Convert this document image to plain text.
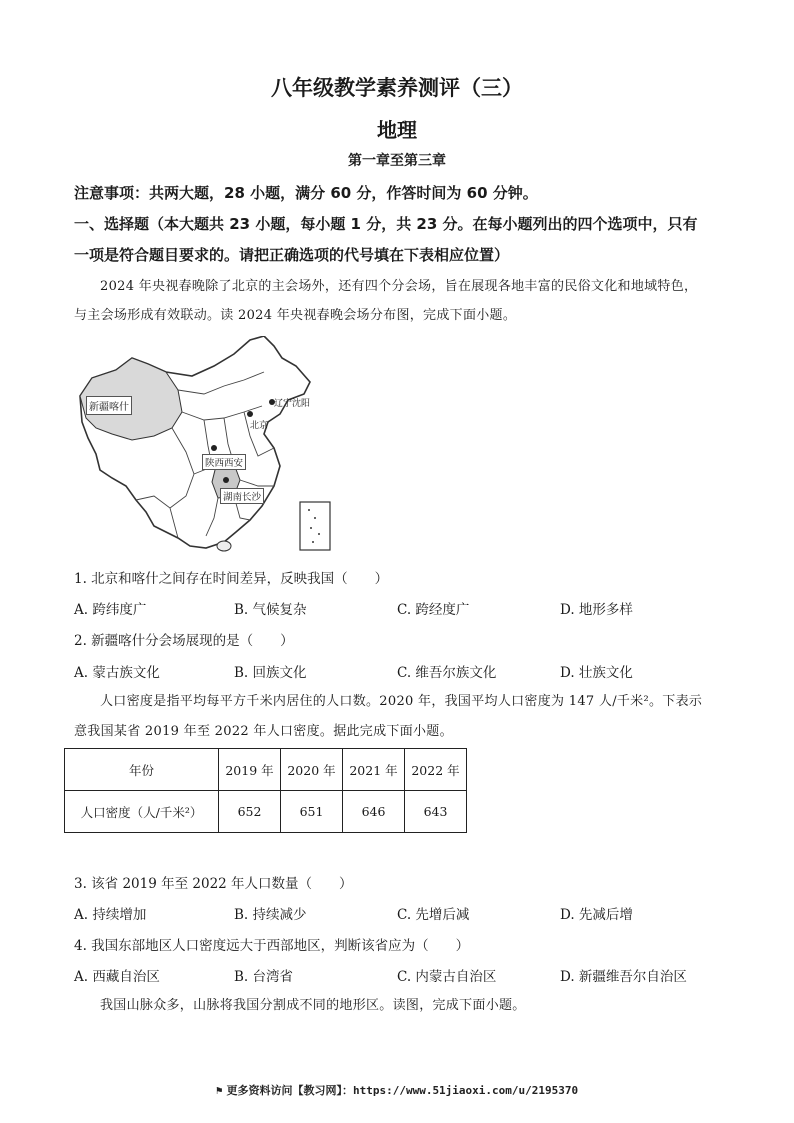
八年级教学素养测评（三）
地理
第一章至第三章
注意事项：共两大题，28 小题，满分 60 分，作答时间为 60 分钟。
一、选择题（本大题共 23 小题，每小题 1 分，共 23 分。在每小题列出的四个选项中，只有
一项是符合题目要求的。请把正确选项的代号填在下表相应位置）
2024 年央视春晚除了北京的主会场外，还有四个分会场，旨在展现各地丰富的民俗文化和地域特色，
与主会场形成有效联动。读 2024 年央视春晚会场分布图，完成下面小题。
新疆喀什	辽宁沈阳
北京
陕西西安
湖南长沙
1. 北京和喀什之间存在时间差异，反映我国（　　）
A. 跨纬度广	B. 气候复杂	C. 跨经度广	D. 地形多样
2. 新疆喀什分会场展现的是（　　）
A. 蒙古族文化	B. 回族文化	C. 维吾尔族文化	D. 壮族文化
人口密度是指平均每平方千米内居住的人口数。2020 年，我国平均人口密度为 147 人/千米²。下表示
意我国某省 2019 年至 2022 年人口密度。据此完成下面小题。
年份	2019 年	2020 年	2021 年	2022 年
人口密度（人/千米²）	652	651	646	643
3. 该省 2019 年至 2022 年人口数量（　　）
A. 持续增加	B. 持续减少	C. 先增后减	D. 先减后增
4. 我国东部地区人口密度远大于西部地区，判断该省应为（　　）
A. 西藏自治区	B. 台湾省	C. 内蒙古自治区	D. 新疆维吾尔自治区
我国山脉众多，山脉将我国分割成不同的地形区。读图，完成下面小题。
⚑ 更多资料访问【教习网】：https://www.51jiaoxi.com/u/2195370
